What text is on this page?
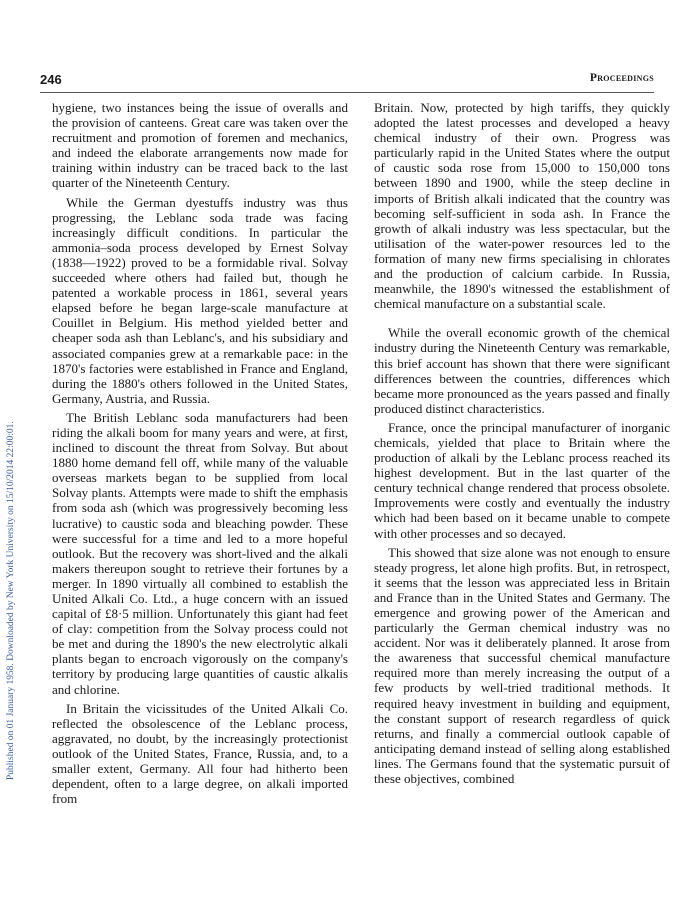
Published on 01 January 1958. Downloaded by New York University on 15/10/2014 22:00:01.
246	Proceedings

hygiene, two instances being the issue of overalls and the provision of canteens. Great care was taken over the recruitment and promotion of foremen and mechanics, and indeed the elaborate arrangements now made for training within industry can be traced back to the last quarter of the Nineteenth Century.

While the German dyestuffs industry was thus progressing, the Leblanc soda trade was facing increasingly difficult conditions. In particular the ammonia–soda process developed by Ernest Solvay (1838—1922) proved to be a formidable rival. Solvay succeeded where others had failed but, though he patented a workable process in 1861, several years elapsed before he began large-scale manufacture at Couillet in Belgium. His method yielded better and cheaper soda ash than Leblanc's, and his subsidiary and associated companies grew at a remarkable pace: in the 1870's factories were established in France and England, during the 1880's others followed in the United States, Germany, Austria, and Russia.

The British Leblanc soda manufacturers had been riding the alkali boom for many years and were, at first, inclined to discount the threat from Solvay. But about 1880 home demand fell off, while many of the valuable overseas markets began to be supplied from local Solvay plants. Attempts were made to shift the emphasis from soda ash (which was progressively becoming less lucrative) to caustic soda and bleaching powder. These were successful for a time and led to a more hopeful outlook. But the recovery was short-lived and the alkali makers thereupon sought to retrieve their fortunes by a merger. In 1890 virtually all combined to establish the United Alkali Co. Ltd., a huge concern with an issued capital of £8·5 million. Unfortunately this giant had feet of clay: competition from the Solvay process could not be met and during the 1890's the new electrolytic alkali plants began to encroach vigorously on the company's territory by producing large quantities of caustic alkalis and chlorine.

In Britain the vicissitudes of the United Alkali Co. reflected the obsolescence of the Leblanc process, aggravated, no doubt, by the increasingly protectionist outlook of the United States, France, Russia, and, to a smaller extent, Germany. All four had hitherto been dependent, often to a large degree, on alkali imported from

Britain. Now, protected by high tariffs, they quickly adopted the latest processes and developed a heavy chemical industry of their own. Progress was particularly rapid in the United States where the output of caustic soda rose from 15,000 to 150,000 tons between 1890 and 1900, while the steep decline in imports of British alkali indicated that the country was becoming self-sufficient in soda ash. In France the growth of alkali industry was less spectacular, but the utilisation of the water-power resources led to the formation of many new firms specialising in chlorates and the production of calcium carbide. In Russia, meanwhile, the 1890's witnessed the establishment of chemical manufacture on a substantial scale.

While the overall economic growth of the chemical industry during the Nineteenth Century was remarkable, this brief account has shown that there were significant differences between the countries, differences which became more pronounced as the years passed and finally produced distinct characteristics.

France, once the principal manufacturer of inorganic chemicals, yielded that place to Britain where the production of alkali by the Leblanc process reached its highest development. But in the last quarter of the century technical change rendered that process obsolete. Improvements were costly and eventually the industry which had been based on it became unable to compete with other processes and so decayed.

This showed that size alone was not enough to ensure steady progress, let alone high profits. But, in retrospect, it seems that the lesson was appreciated less in Britain and France than in the United States and Germany. The emergence and growing power of the American and particularly the German chemical industry was no accident. Nor was it deliberately planned. It arose from the awareness that successful chemical manufacture required more than merely increasing the output of a few products by well-tried traditional methods. It required heavy investment in building and equipment, the constant support of research regardless of quick returns, and finally a commercial outlook capable of anticipating demand instead of selling along established lines. The Germans found that the systematic pursuit of these objectives, combined
